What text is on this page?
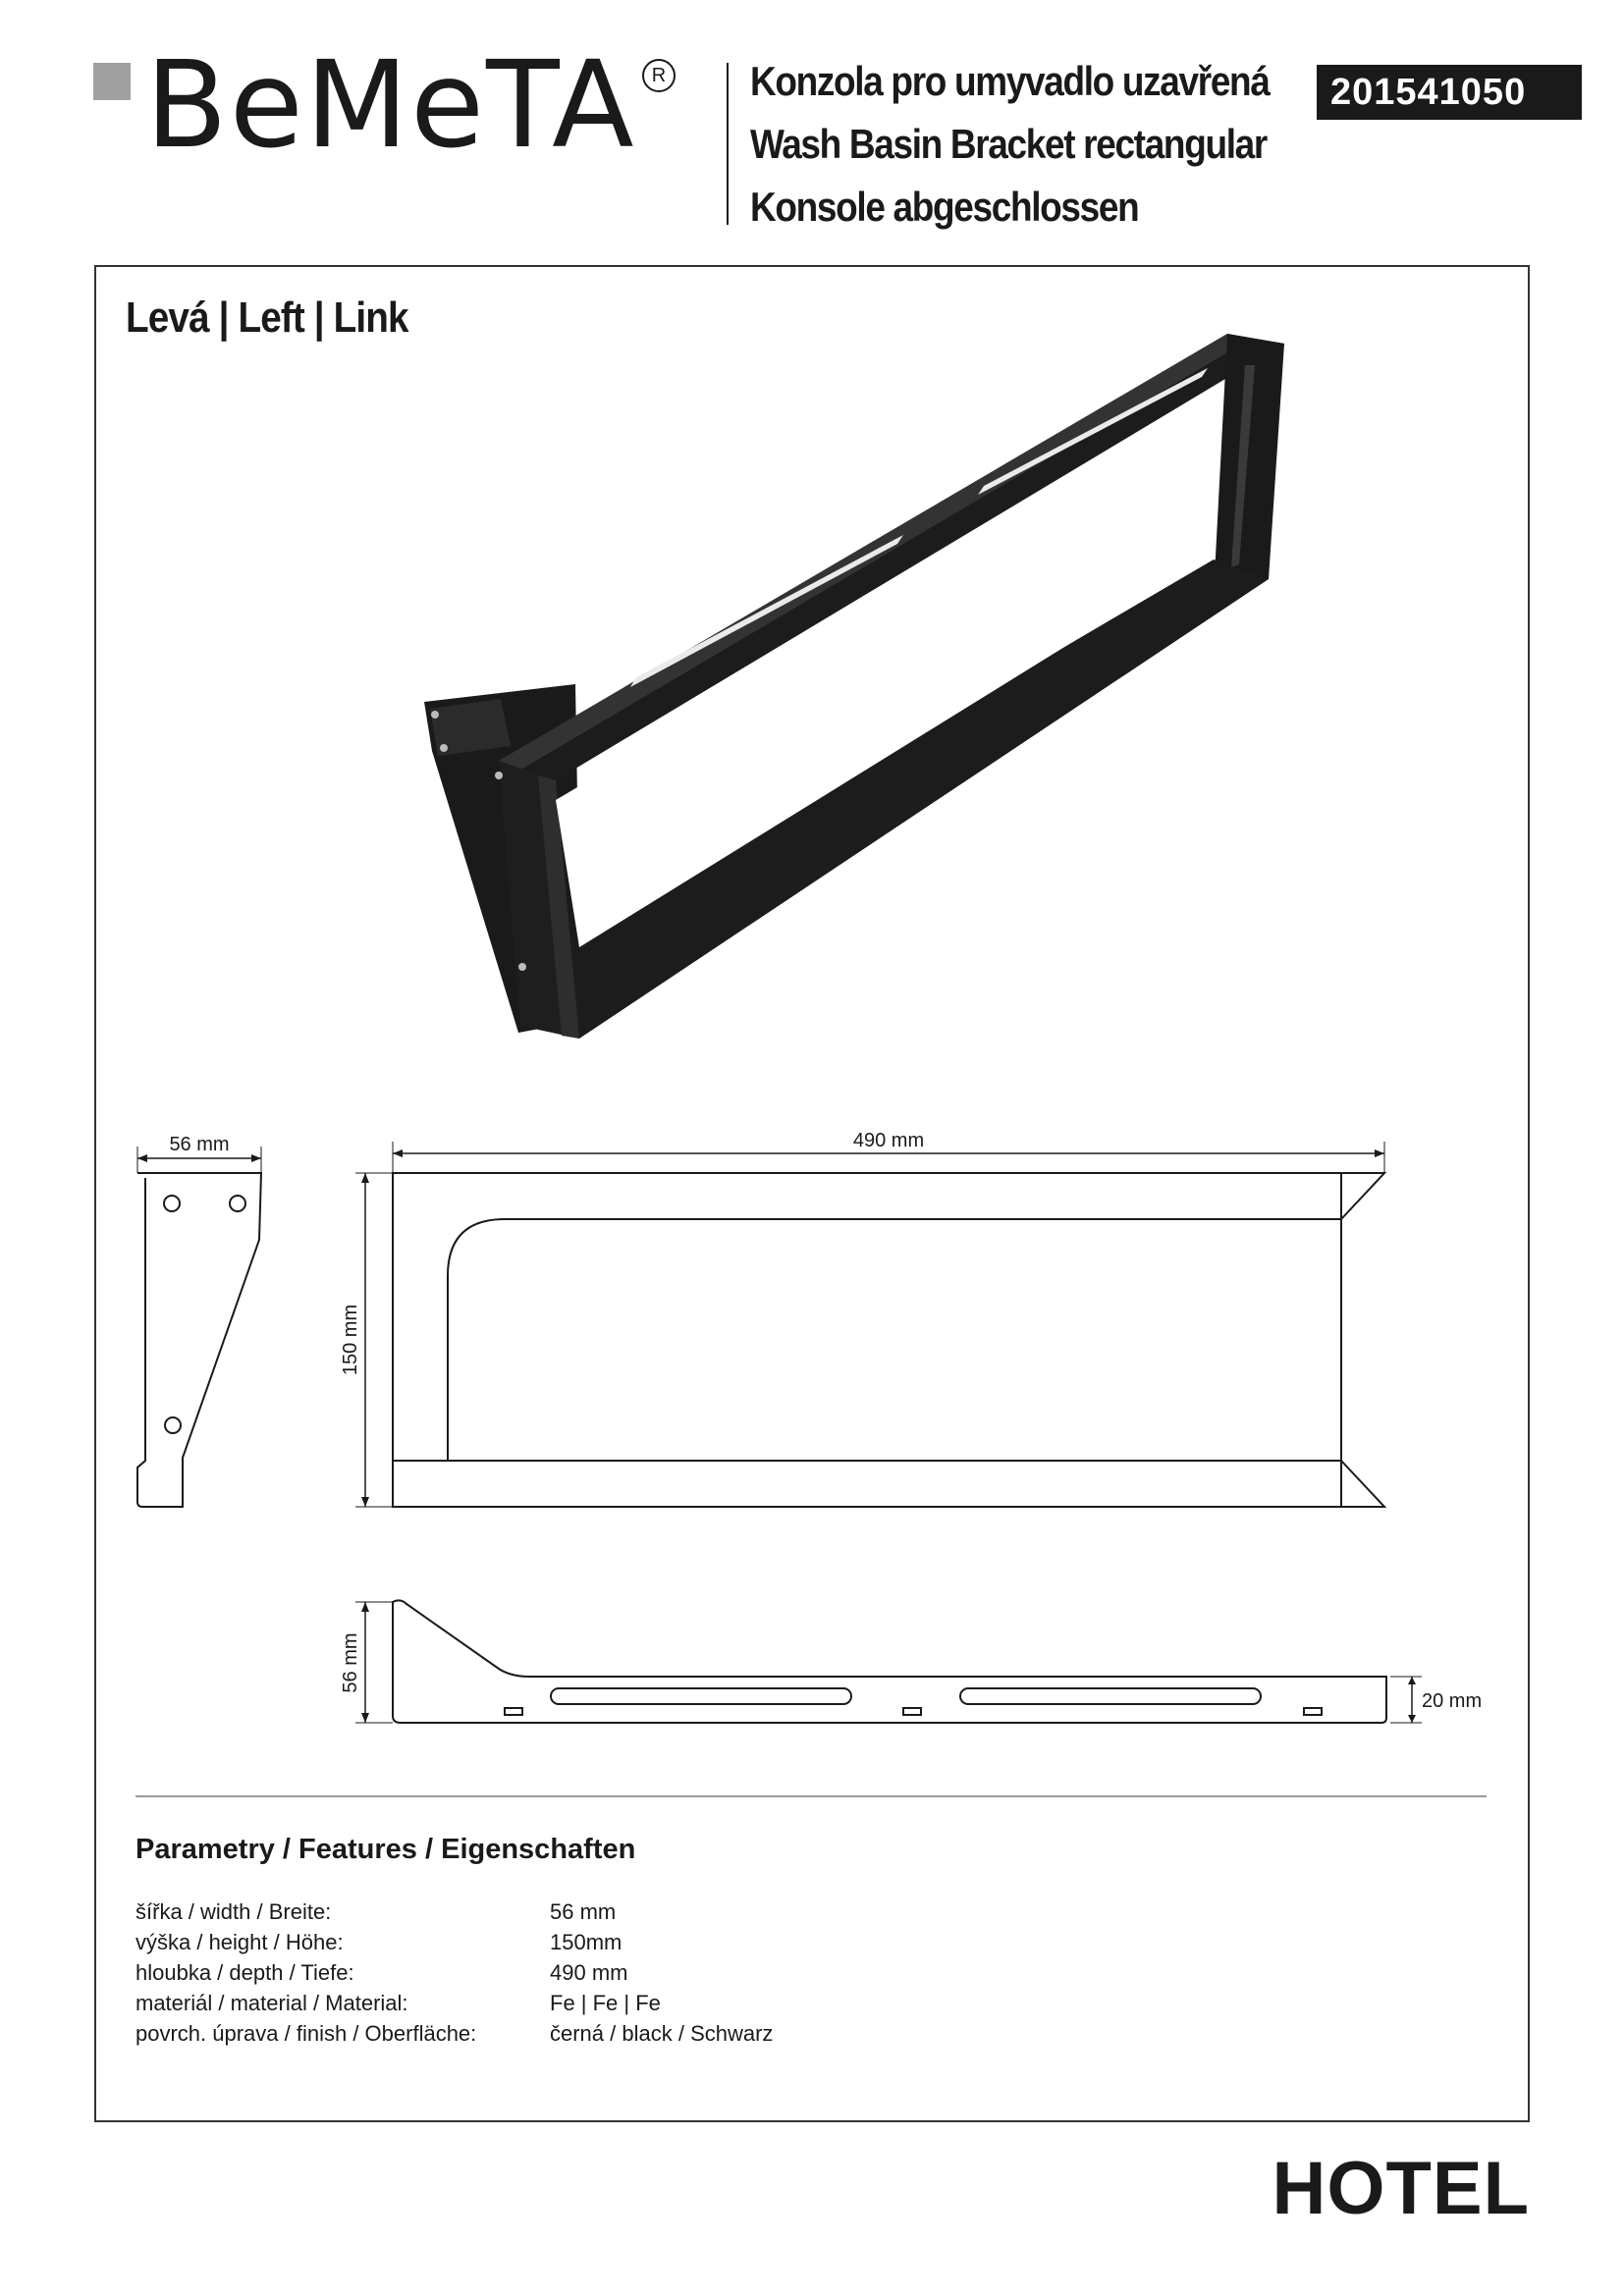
BeMeTA R Konzola pro umyvadlo uzavřená
Wash Basin Bracket rectangular
Konsole abgeschlossen
201541050
Levá | Left | Link
56 mm	490 mm
150 mm
56 mm
20 mm
Parametry / Features / Eigenschaften
šířka / width / Breite:	56 mm
výška / height / Höhe:	150mm
hloubka / depth / Tiefe:	490 mm
materiál / material / Material:	Fe | Fe | Fe
povrch. úprava / finish / Oberfläche:	černá / black / Schwarz
HOTEL
